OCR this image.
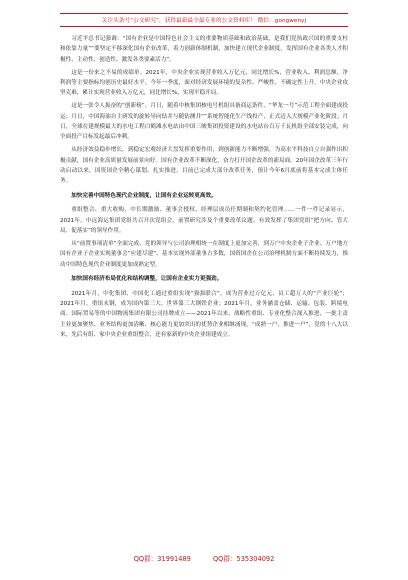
关注头条号“公文研究”，获得最新最全最专业的公文资料库！ 微信：gongwenyj

习近平总书记强调：“国有企业是中国特色社会主义的重要物质基础和政治基础，是我们党执政兴国的重要支柱和依靠力量”“要坚定不移深化国有企业改革，着力创新体制机制，加快建立现代企业制度，发挥国有企业各类人才积极性、主动性、创造性，激发各类要素活力”。

这是一份来之不易的成绩单。2021年，中央企业实现营业收入万亿元，同比增长%，营业收入、利润总额、净利润等主要指标均创历史最好水平。今年一季度，面对经济发展环境的复杂性、严峻性、不确定性上升，中央企业攻坚克难，累计实现营业收入万亿元，同比增长%，实现平稳开局。

这是一张令人振奋的“创新榜”。月日，随着中核集团核电号机组具备商运条件，“华龙一号”示范工程全面建成投运；月日，中国海油自主研发的旋转导向钻井与随钻测井“”系统智能化生产线投产，正式迈入大规模产业化阶段；月日，全球在建规模最大的水电工程白鹤滩水电站由中国三峡集团投资建设的水电站台百万千瓦机组全部安装完成，向全面投产目标发起最后冲刺。

从经济效益稳步增长，到稳定宏观经济大盘发挥重要作用，到创新能力不断增强，为高水平科技自立自强作出积极贡献，国有企业高质量发展前景向好。国有企业改革不断深化，奋力打开国企改革的新局面。20年国企改革三年行动启动以来，国资国企全精心谋划、扎实推进，目前已完成大部分改革任务，预计今年6月底前将基本完成主体任务。

加快完善中国特色现代企业制度，让国有企业运转更高效。

重组整合、重大收购、中长期激励、董事会授权、经理层成员任期制和契约化管理……一件一件记录显示，2021年，中远海运集团党组共召开次党组会，前置研究涉及个重要改革议题，有效发挥了集团党组“把方向、管大局、促落实”的领导作用。

从“前置事项清单”全面完成、党的领导与公司治理相统一在制度上更加完善，到万户中央企业子企业、万户地方国有企业子企业实现董事会“应建尽建”、基本实现外部董事占多数，国资国企在公司治理机制方面不断持续发力，推动中国特色现代企业制度更加成熟定型。

加快国有经济布局优化和结构调整，让国有企业实力更强劲。

2021年月，中化集团、中国化工通过重组实现“强强联合”，成为营业过万亿元、员工超万人的“产业巨轮”；2021年月，重组未钢，成为国内第三大、世界第三大钢铁企业；2021年月，业务涵盖仓储、运输、包装、跨境电商、国际贸易等的中国物流集团有限公司挂牌成立——2021年以来，战略性重组、专业化整合深入推进，一批主责主业更加聚焦、业务结构更加清晰、核心能力更加突出的优势企业相继涌现。“成熟一户、推进一户”，党的十八大以来，先后有组、家中央企业重组整合，还有家新的中央企业组建成立。

QQ群：31991489	QQ群：535304092
